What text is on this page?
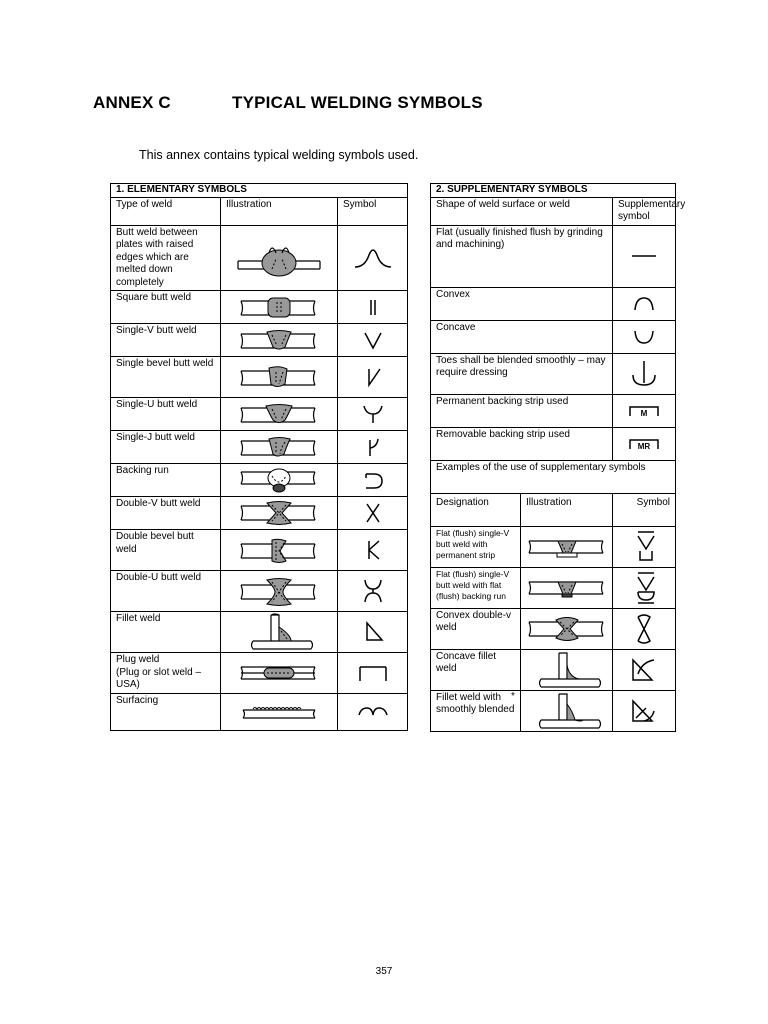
ANNEX C	TYPICAL WELDING SYMBOLS
This annex contains typical welding symbols used.
1. ELEMENTARY SYMBOLS		
Type of weld	Illustration	Symbol
Butt weld between plates with raised edges which are melted down completely	

Square butt weld	

Single-V butt weld	

Single bevel butt weld	

Single-U butt weld	

Single-J butt weld	

Backing run	

Double-V butt weld	

Double bevel butt weld	

Double-U butt weld	

Fillet weld	

Plug weld
(Plug or slot weld – USA)	

Surfacing	

2. SUPPLEMENTARY SYMBOLS		
Shape of weld surface or weld		Supplementary symbol
Flat (usually finished flush by grinding and machining)	

Convex	

Concave	

Toes shall be blended smoothly – may require dressing	

Permanent backing strip used		M

Removable backing strip used		MR

Examples of the use of supplementary symbols		
Designation	Illustration	Symbol
Flat (flush) single-V butt weld with permanent strip	

Flat (flush) single-V butt weld with flat (flush) backing run	

Convex double-v weld	

Concave fillet weld	

Fillet weld with smoothly blended
*

357
